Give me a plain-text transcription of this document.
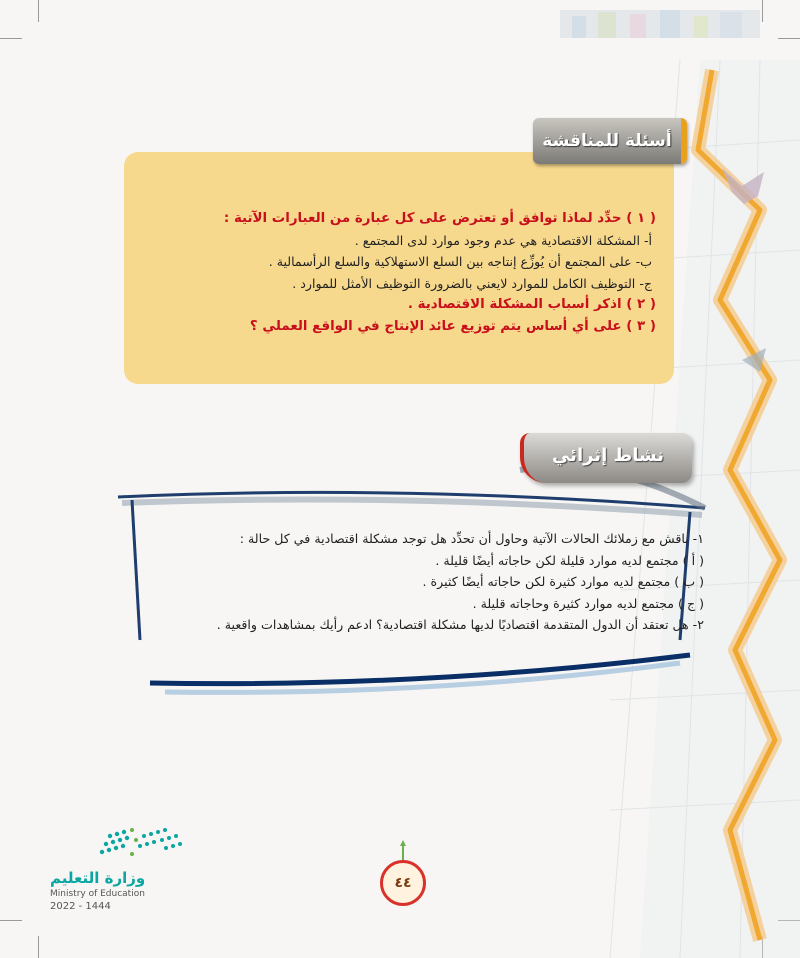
( ١ ) حدِّد لماذا توافق أو تعترض على كل عبارة من العبارات الآتية :
أ- المشكلة الاقتصادية هي عدم وجود موارد لدى المجتمع .
ب- على المجتمع أن يُوزِّع إنتاجه بين السلع الاستهلاكية والسلع الرأسمالية .
ج- التوظيف الكامل للموارد لايعني بالضرورة التوظيف الأمثل للموارد .
( ٢ ) اذكر أسباب المشكلة الاقتصادية .
( ٣ ) على أي أساس يتم توزيع عائد الإنتاج في الواقع العملي ؟
أسئلة للمناقشة
نشاط إثرائي
١- ناقش مع زملائك الحالات الآتية وحاول أن تحدِّد هل توجد مشكلة اقتصادية في كل حالة :
( أ ) مجتمع لديه موارد قليلة لكن حاجاته أيضًا قليلة .
( ب ) مجتمع لديه موارد كثيرة لكن حاجاته أيضًا كثيرة .
( ج ) مجتمع لديه موارد كثيرة وحاجاته قليلة .
٢- هل تعتقد أن الدول المتقدمة اقتصاديًا لديها مشكلة اقتصادية؟ ادعم رأيك بمشاهدات واقعية .
وزارة التعليم
Ministry of Education
2022 - 1444
٤٤
